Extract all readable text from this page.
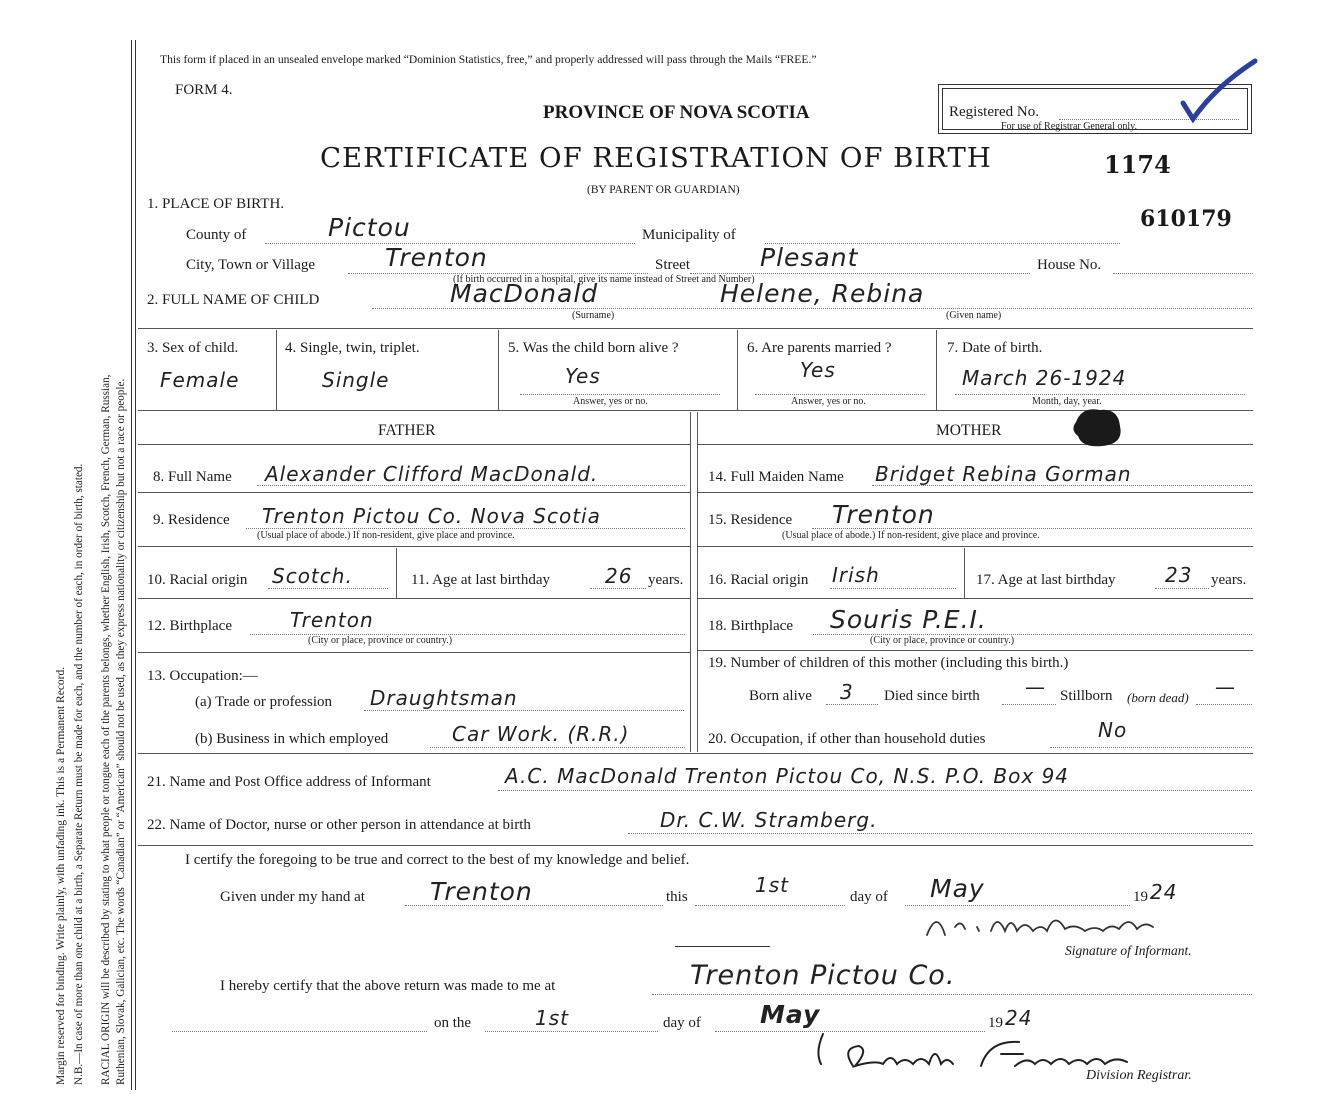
Margin reserved for binding. Write plainly, with unfading ink. This is a Permanent Record. N.B.—In case of more than one child at a birth, a Separate Return must be made for each, and the number of each, in order of birth, stated. RACIAL ORIGIN will be described by stating to what people or tongue each of the parents belongs, whether English, Irish, Scotch, French, German, Russian, Ruthenian, Slovak, Galician, etc. The words “Canadian” or “American” should not be used, as they express nationality or citizenship but not a race or people.
This form if placed in an unsealed envelope marked “Dominion Statistics, free,” and properly addressed will pass through the Mails “FREE.”
FORM 4.
PROVINCE OF NOVA SCOTIA
CERTIFICATE OF REGISTRATION OF BIRTH	1174
(BY PARENT OR GUARDIAN)
Registered No.
For use of Registrar General only.
1. PLACE OF BIRTH.
610179
County of	Pictou	Municipality of
City, Town or Village	Trenton	Street	Plesant	House No.
(If birth occurred in a hospital, give its name instead of Street and Number)
2. FULL NAME OF CHILD	MacDonald	Helene, Rebina
(Surname)	(Given name)
3. Sex of child.
Female
4. Single, twin, triplet.
Single
5. Was the child born alive ?
Yes
Answer, yes or no.
6. Are parents married ?
Yes
Answer, yes or no.
7. Date of birth.
March 26-1924
Month, day, year.
FATHER	MOTHER
8. Full Name Alexander Clifford MacDonald.
9. Residence Trenton Pictou Co. Nova Scotia
(Usual place of abode.) If non-resident, give place and province.
10. Racial origin Scotch.	11. Age at last birthday	26 years.
12. Birthplace	Trenton
(City or place, province or country.)
13. Occupation:—
(a) Trade or profession Draughtsman
(b) Business in which employed	Car Work. (R.R.)
14. Full Maiden Name Bridget Rebina Gorman
15. Residence Trenton
(Usual place of abode.) If non-resident, give place and province.
16. Racial origin Irish	17. Age at last birthday 23 years.
18. Birthplace Souris P.E.I.
(City or place, province or country.)
19. Number of children of this mother (including this birth.)
Born alive 3 Died since birth — Stillborn (born dead) —
20. Occupation, if other than household duties	No
21. Name and Post Office address of Informant	A.C. MacDonald Trenton Pictou Co, N.S. P.O. Box 94
22. Name of Doctor, nurse or other person in attendance at birth	Dr. C.W. Stramberg.
I certify the foregoing to be true and correct to the best of my knowledge and belief.
Given under my hand at	Trenton	this	1st	day of May	19 24
Signature of Informant.
I hereby certify that the above return was made to me at	Trenton Pictou Co.
on the	1st	day of May	19 24
Division Registrar.
